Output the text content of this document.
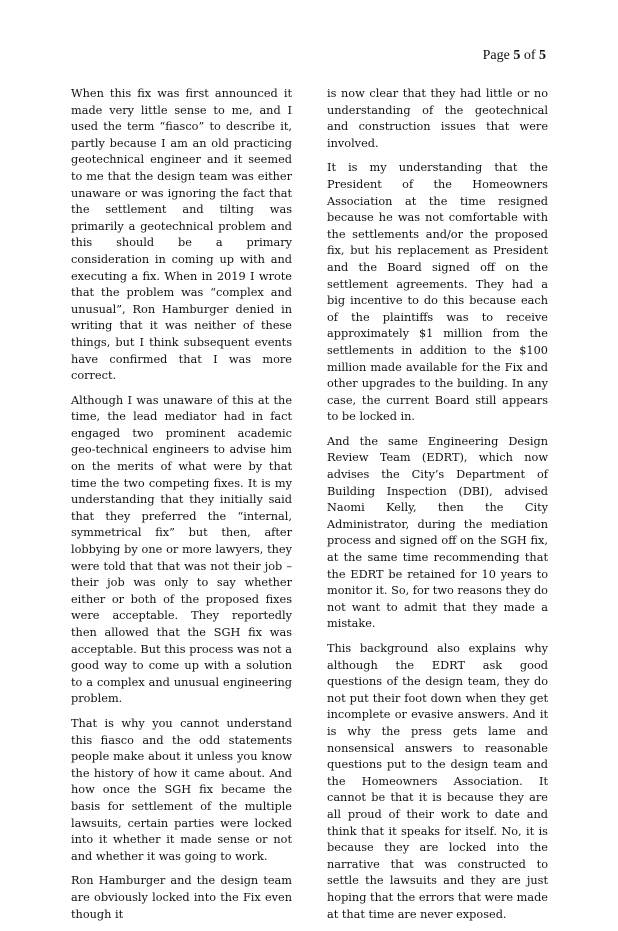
Page 5 of 5

When this fix was first announced it made very little sense to me, and I used the term “fiasco” to describe it, partly because I am an old practicing geotechnical engineer and it seemed to me that the design team was either unaware or was ignoring the fact that the settlement and tilting was primarily a geotechnical problem and this should be a primary consideration in coming up with and executing a fix. When in 2019 I wrote that the problem was “complex and unusual”, Ron Hamburger denied in writing that it was neither of these things, but I think subsequent events have confirmed that I was more correct.

Although I was unaware of this at the time, the lead mediator had in fact engaged two prominent academic geo-technical engineers to advise him on the merits of what were by that time the two competing fixes. It is my understanding that they initially said that they preferred the “internal, symmetrical fix” but then, after lobbying by one or more lawyers, they were told that that was not their job – their job was only to say whether either or both of the proposed fixes were acceptable. They reportedly then allowed that the SGH fix was acceptable. But this process was not a good way to come up with a solution to a complex and unusual engineering problem.

That is why you cannot understand this fiasco and the odd statements people make about it unless you know the history of how it came about. And how once the SGH fix became the basis for settlement of the multiple lawsuits, certain parties were locked into it whether it made sense or not and whether it was going to work.

Ron Hamburger and the design team are obviously locked into the Fix even though it

is now clear that they had little or no understanding of the geotechnical and construction issues that were involved.

It is my understanding that the President of the Homeowners Association at the time resigned because he was not comfortable with the settlements and/or the proposed fix, but his replacement as President and the Board signed off on the settlement agreements. They had a big incentive to do this because each of the plaintiffs was to receive approximately $1 million from the settlements in addition to the $100 million made available for the Fix and other upgrades to the building. In any case, the current Board still appears to be locked in.

And the same Engineering Design Review Team (EDRT), which now advises the City’s Department of Building Inspection (DBI), advised Naomi Kelly, then the City Administrator, during the mediation process and signed off on the SGH fix, at the same time recommending that the EDRT be retained for 10 years to monitor it. So, for two reasons they do not want to admit that they made a mistake.

This background also explains why although the EDRT ask good questions of the design team, they do not put their foot down when they get incomplete or evasive answers. And it is why the press gets lame and nonsensical answers to reasonable questions put to the design team and the Homeowners Association. It cannot be that it is because they are all proud of their work to date and think that it speaks for itself. No, it is because they are locked into the narrative that was constructed to settle the lawsuits and they are just hoping that the errors that were made at that time are never exposed.
